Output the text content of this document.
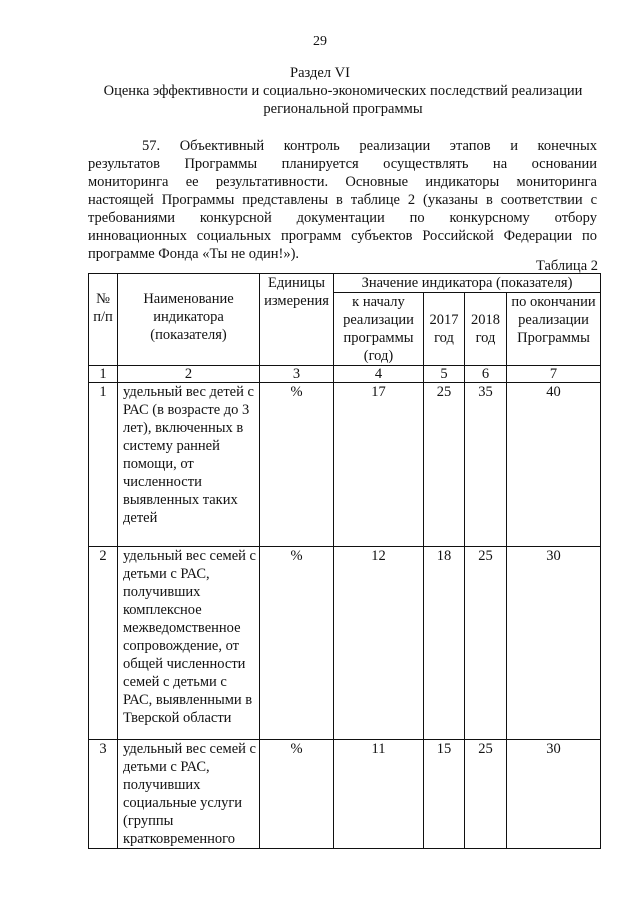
29
Раздел VI
Оценка эффективности и социально-экономических последствий реализации
региональной программы
57. Объективный контроль реализации этапов и конечных
результатов Программы планируется осуществлять на основании
мониторинга ее результативности. Основные индикаторы мониторинга
настоящей Программы представлены в таблице 2 (указаны в соответствии с
требованиями конкурсной документации по конкурсному отбору
инновационных социальных программ субъектов Российской Федерации по
программе Фонда «Ты не один!»).
Таблица 2
№ п/п	Наименование индикатора (показателя)	Единицы измерения	Значение индикатора (показателя)			
			к началу реализации программы (год)	2017 год	2018 год	по окончании реализации Программы
1	2	3	4	5	6	7
1	удельный вес детей с РАС (в возрасте до 3 лет), включенных в систему ранней помощи, от численности выявленных таких детей	%	17	25	35	40
2	удельный вес семей с детьми с РАС, получивших комплексное межведомственное сопровождение, от общей численности семей с детьми с РАС, выявленными в Тверской области	%	12	18	25	30
3	удельный вес семей с детьми с РАС, получивших социальные услуги (группы кратковременного	%	11	15	25	30
